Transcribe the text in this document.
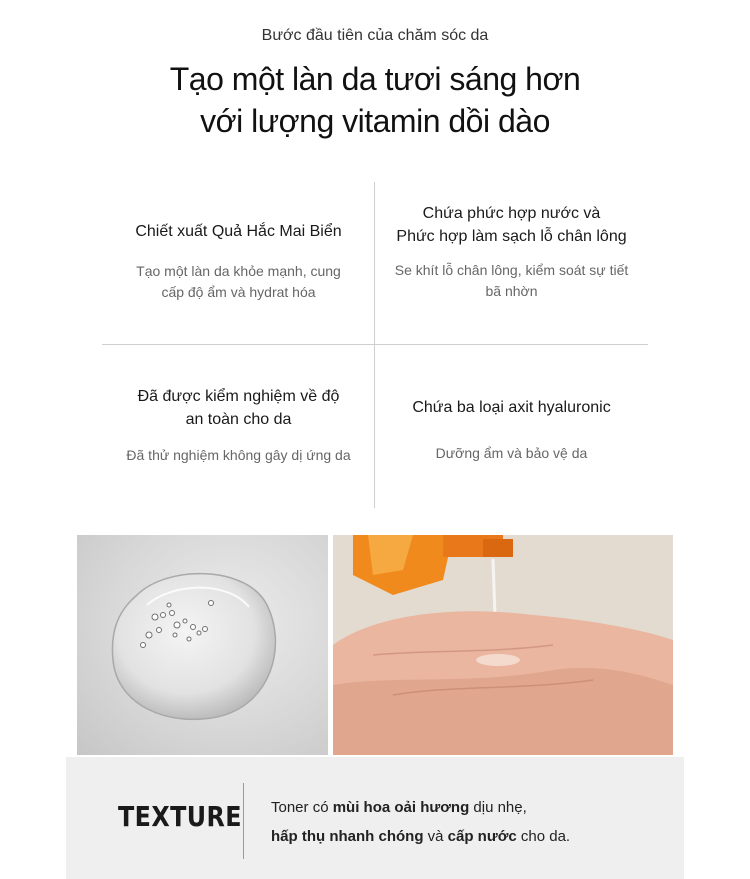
Bước đầu tiên của chăm sóc da
Tạo một làn da tươi sáng hơn
với lượng vitamin dồi dào
Chiết xuất Quả Hắc Mai Biển
Tạo một làn da khỏe mạnh, cung
cấp độ ẩm và hydrat hóa
Chứa phức hợp nước và
Phức hợp làm sạch lỗ chân lông
Se khít lỗ chân lông, kiểm soát sự tiết
bã nhờn
Đã được kiểm nghiệm về độ
an toàn cho da
Đã thử nghiệm không gây dị ứng da
Chứa ba loại axit hyaluronic
Dưỡng ẩm và bảo vệ da
TEXTURE Toner có mùi hoa oải hương dịu nhẹ,
hấp thụ nhanh chóng và cấp nước cho da.
